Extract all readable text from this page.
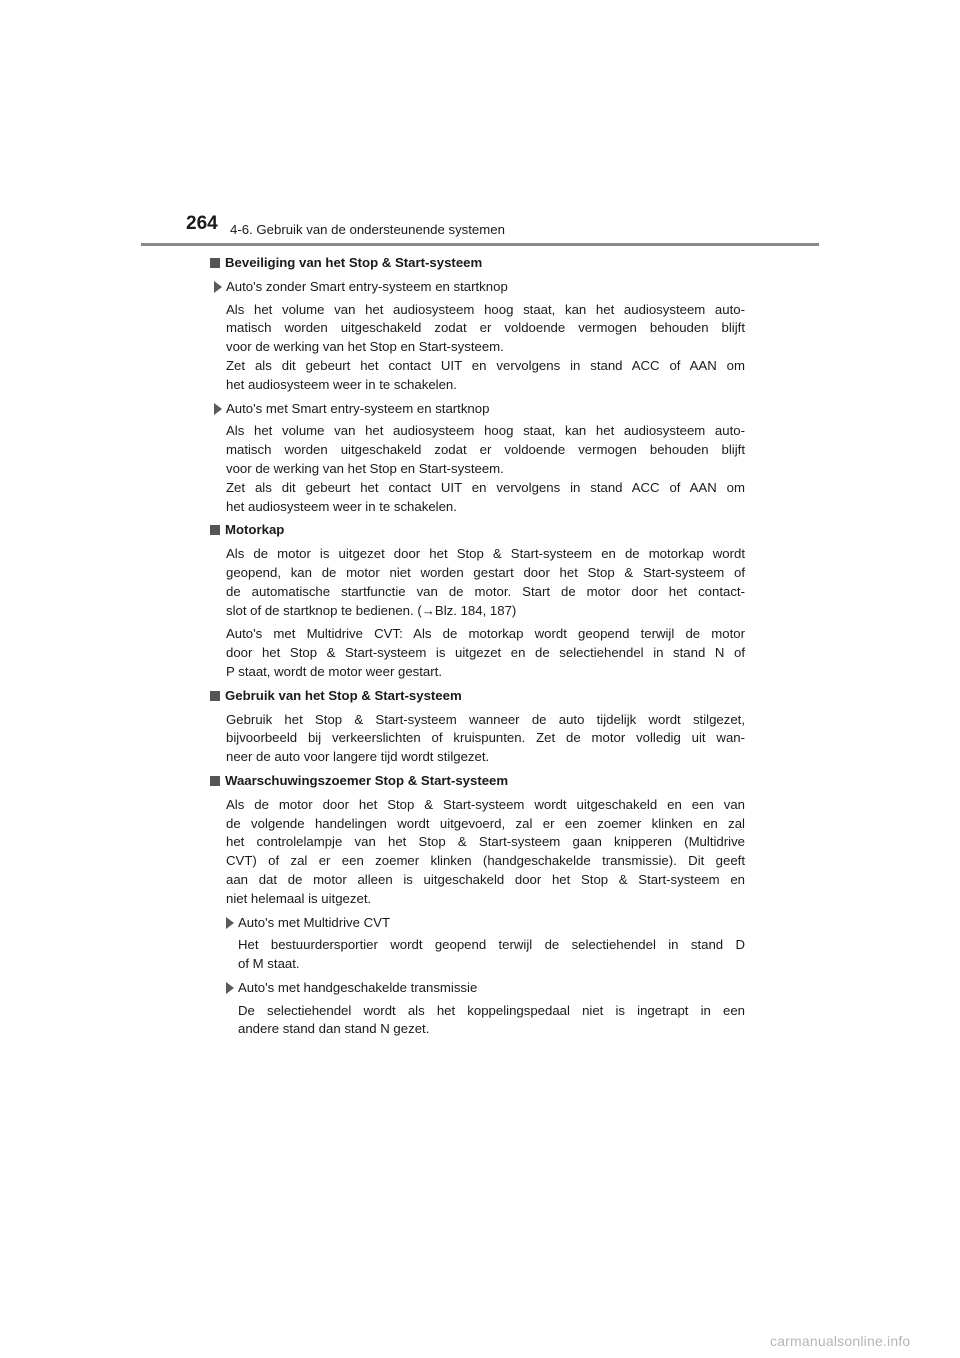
264 4-6. Gebruik van de ondersteunende systemen
Beveiliging van het Stop & Start-systeem
Auto's zonder Smart entry-systeem en startknop
Als het volume van het audiosysteem hoog staat, kan het audiosysteem auto-
matisch worden uitgeschakeld zodat er voldoende vermogen behouden blijft
voor de werking van het Stop en Start-systeem.
Zet als dit gebeurt het contact UIT en vervolgens in stand ACC of AAN om
het audiosysteem weer in te schakelen.
Auto's met Smart entry-systeem en startknop
Als het volume van het audiosysteem hoog staat, kan het audiosysteem auto-
matisch worden uitgeschakeld zodat er voldoende vermogen behouden blijft
voor de werking van het Stop en Start-systeem.
Zet als dit gebeurt het contact UIT en vervolgens in stand ACC of AAN om
het audiosysteem weer in te schakelen.
Motorkap
Als de motor is uitgezet door het Stop & Start-systeem en de motorkap wordt
geopend, kan de motor niet worden gestart door het Stop & Start-systeem of
de automatische startfunctie van de motor. Start de motor door het contact-
slot of de startknop te bedienen. (→Blz. 184, 187)
Auto's met Multidrive CVT: Als de motorkap wordt geopend terwijl de motor
door het Stop & Start-systeem is uitgezet en de selectiehendel in stand N of
P staat, wordt de motor weer gestart.
Gebruik van het Stop & Start-systeem
Gebruik het Stop & Start-systeem wanneer de auto tijdelijk wordt stilgezet,
bijvoorbeeld bij verkeerslichten of kruispunten. Zet de motor volledig uit wan-
neer de auto voor langere tijd wordt stilgezet.
Waarschuwingszoemer Stop & Start-systeem
Als de motor door het Stop & Start-systeem wordt uitgeschakeld en een van
de volgende handelingen wordt uitgevoerd, zal er een zoemer klinken en zal
het controlelampje van het Stop & Start-systeem gaan knipperen (Multidrive
CVT) of zal er een zoemer klinken (handgeschakelde transmissie). Dit geeft
aan dat de motor alleen is uitgeschakeld door het Stop & Start-systeem en
niet helemaal is uitgezet.
Auto's met Multidrive CVT
Het bestuurdersportier wordt geopend terwijl de selectiehendel in stand D
of M staat.
Auto's met handgeschakelde transmissie
De selectiehendel wordt als het koppelingspedaal niet is ingetrapt in een
andere stand dan stand N gezet.
carmanualsonline.info
